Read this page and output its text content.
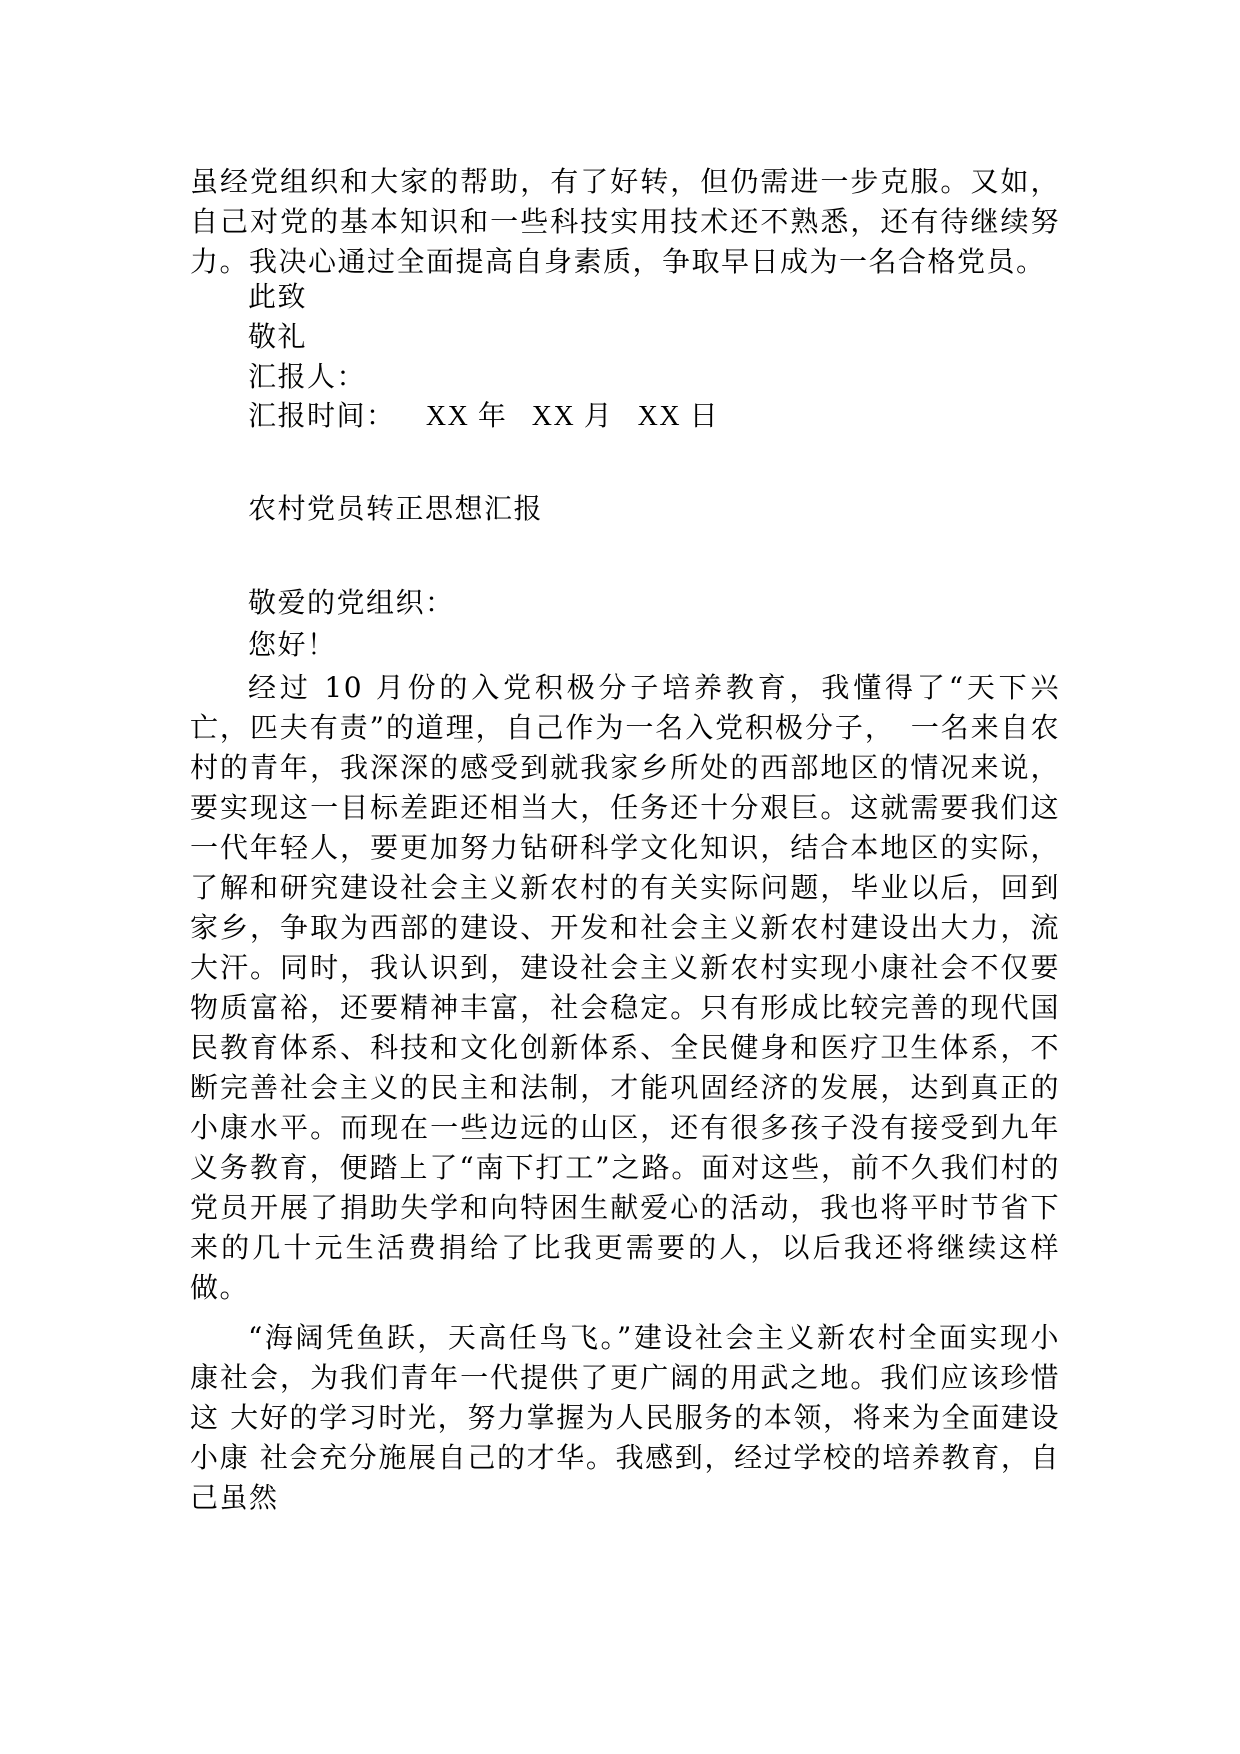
虽经党组织和大家的帮助，有了好转，但仍需进一步克服。又如，自己对党的基本知识和一些科技实用技术还不熟悉，还有待继续努力。我决心通过全面提高自身素质，争取早日成为一名合格党员。

此致
敬礼
汇报人：
汇报时间： XX 年 XX 月 XX 日
农村党员转正思想汇报
敬爱的党组织：
您好！

经过 10 月份的入党积极分子培养教育，我懂得了“天下兴亡，匹夫有责”的道理，自己作为一名入党积极分子，　一名来自农村的青年，我深深的感受到就我家乡所处的西部地区的情况来说，要实现这一目标差距还相当大，任务还十分艰巨。这就需要我们这一代年轻人，要更加努力钻研科学文化知识，结合本地区的实际，了解和研究建设社会主义新农村的有关实际问题，毕业以后，回到家乡，争取为西部的建设、开发和社会主义新农村建设出大力，流大汗。同时，我认识到，建设社会主义新农村实现小康社会不仅要物质富裕，还要精神丰富，社会稳定。只有形成比较完善的现代国民教育体系、科技和文化创新体系、全民健身和医疗卫生体系，不断完善社会主义的民主和法制，才能巩固经济的发展，达到真正的小康水平。而现在一些边远的山区，还有很多孩子没有接受到九年义务教育，便踏上了“南下打工”之路。面对这些，前不久我们村的党员开展了捐助失学和向特困生献爱心的活动，我也将平时节省下来的几十元生活费捐给了比我更需要的人，以后我还将继续这样做。

“海阔凭鱼跃，天高任鸟飞。”建设社会主义新农村全面实现小 康社会，为我们青年一代提供了更广阔的用武之地。我们应该珍惜这 大好的学习时光，努力掌握为人民服务的本领，将来为全面建设小康 社会充分施展自己的才华。我感到，经过学校的培养教育，自己虽然
